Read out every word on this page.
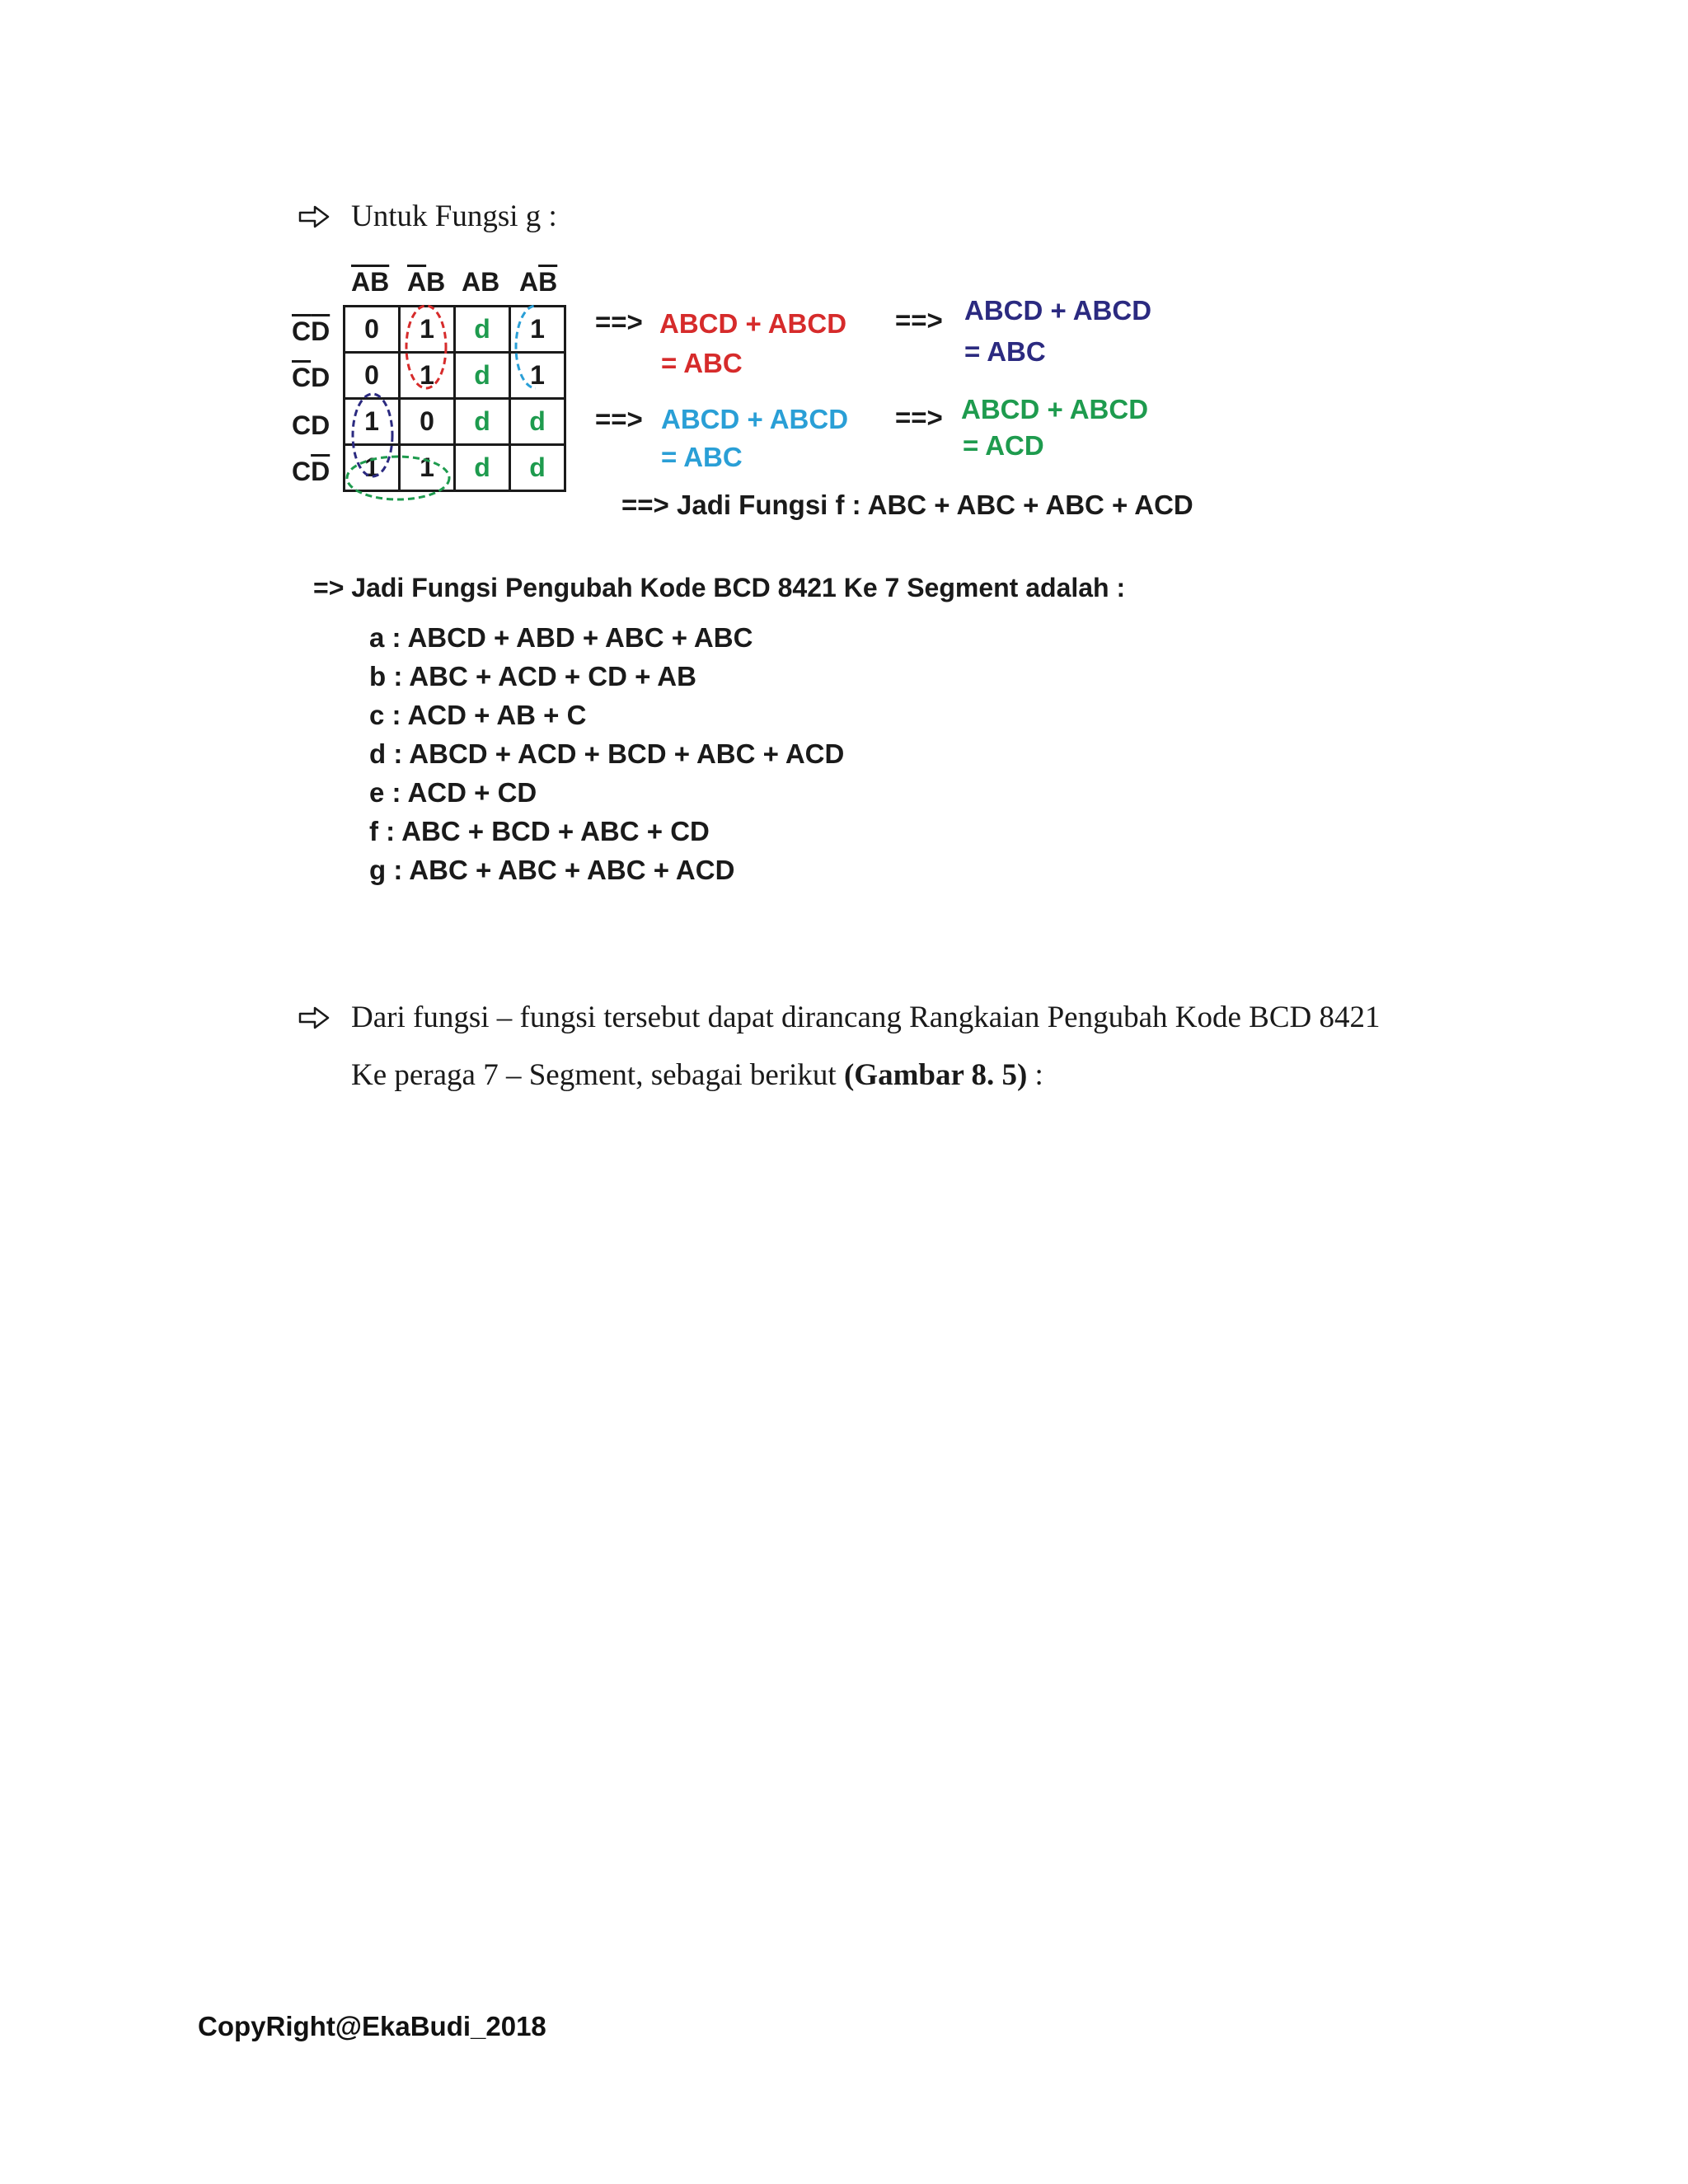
Untuk Fungsi g :
$\overline{AB}$ $\overline{A}B$ AB $A\overline{B}$
$\overline{C}\overline{D}$
$\overline{C}D$
CD
$C\overline{D}$
0	1	d	1
0	1	d	1
1	0	d	d
1	1	d	d
==> ABCD + ABCD
= ABC
==> ABCD + ABCD
= ABC
==> ABCD + ABCD
= ABC
==> ABCD + ABCD
= ACD
==> Jadi Fungsi f : ABC + ABC + ABC + ACD
=> Jadi Fungsi Pengubah Kode BCD 8421 Ke 7 Segment adalah :
a : ABCD + ABD + ABC + ABC
b : ABC + ACD + CD + AB
c : ACD + AB + C
d : ABCD + ACD + BCD + ABC + ACD
e : ACD + CD
f : ABC + BCD + ABC + CD
g : ABC + ABC + ABC + ACD
Dari fungsi – fungsi tersebut dapat dirancang Rangkaian Pengubah Kode BCD 8421
Ke peraga 7 – Segment, sebagai berikut (Gambar 8. 5) :
CopyRight@EkaBudi_2018
